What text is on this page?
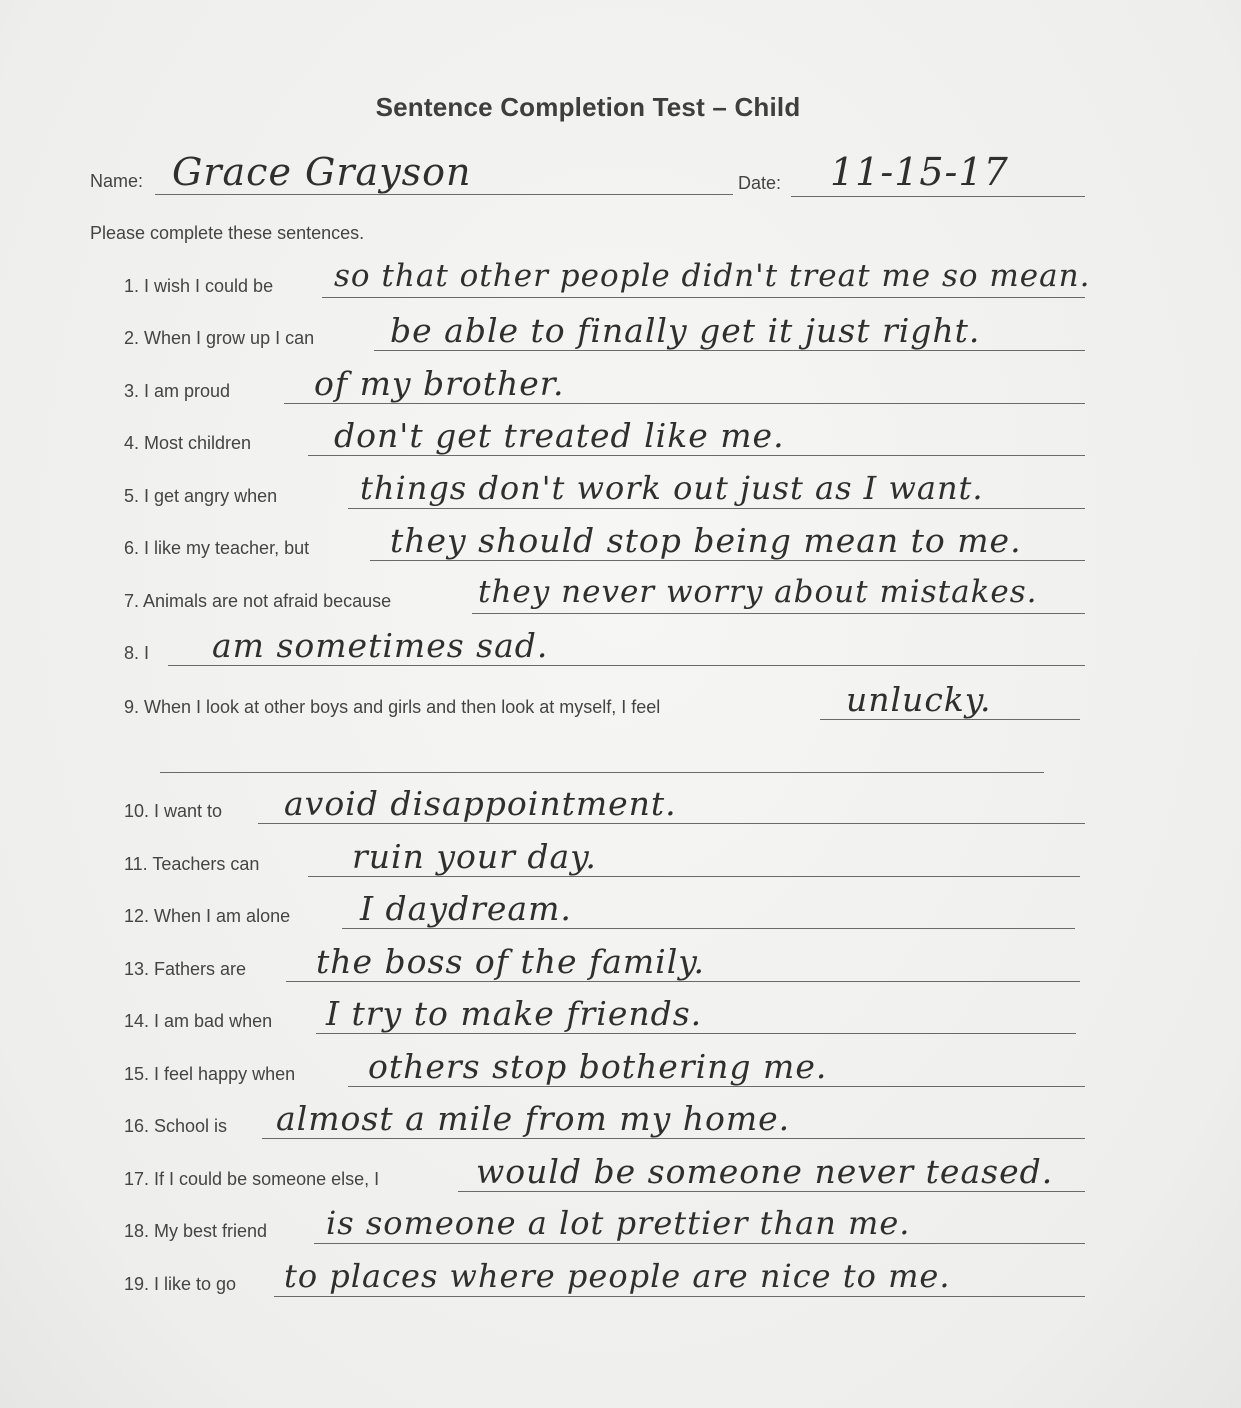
Sentence Completion Test – Child
Name: Grace Grayson	Date: 11-15-17
Please complete these sentences.
1. I wish I could be so that other people didn't treat me so mean.
2. When I grow up I can be able to finally get it just right.
3. I am proud	of my brother.
4. Most children	don't get treated like me.
5. I get angry when	things don't work out just as I want.
6. I like my teacher, but they should stop being mean to me.
7. Animals are not afraid because	they never worry about mistakes.
8. I am sometimes sad.
9. When I look at other boys and girls and then look at myself, I feel	unlucky.
10. I want to avoid disappointment.
11. Teachers can	ruin your day.
12. When I am alone I daydream.
13. Fathers are the boss of the family.
14. I am bad when I try to make friends.
15. I feel happy when others stop bothering me.
16. School is almost a mile from my home.
17. If I could be someone else, I	would be someone never teased.
18. My best friend is someone a lot prettier than me.
19. I like to go to places where people are nice to me.
